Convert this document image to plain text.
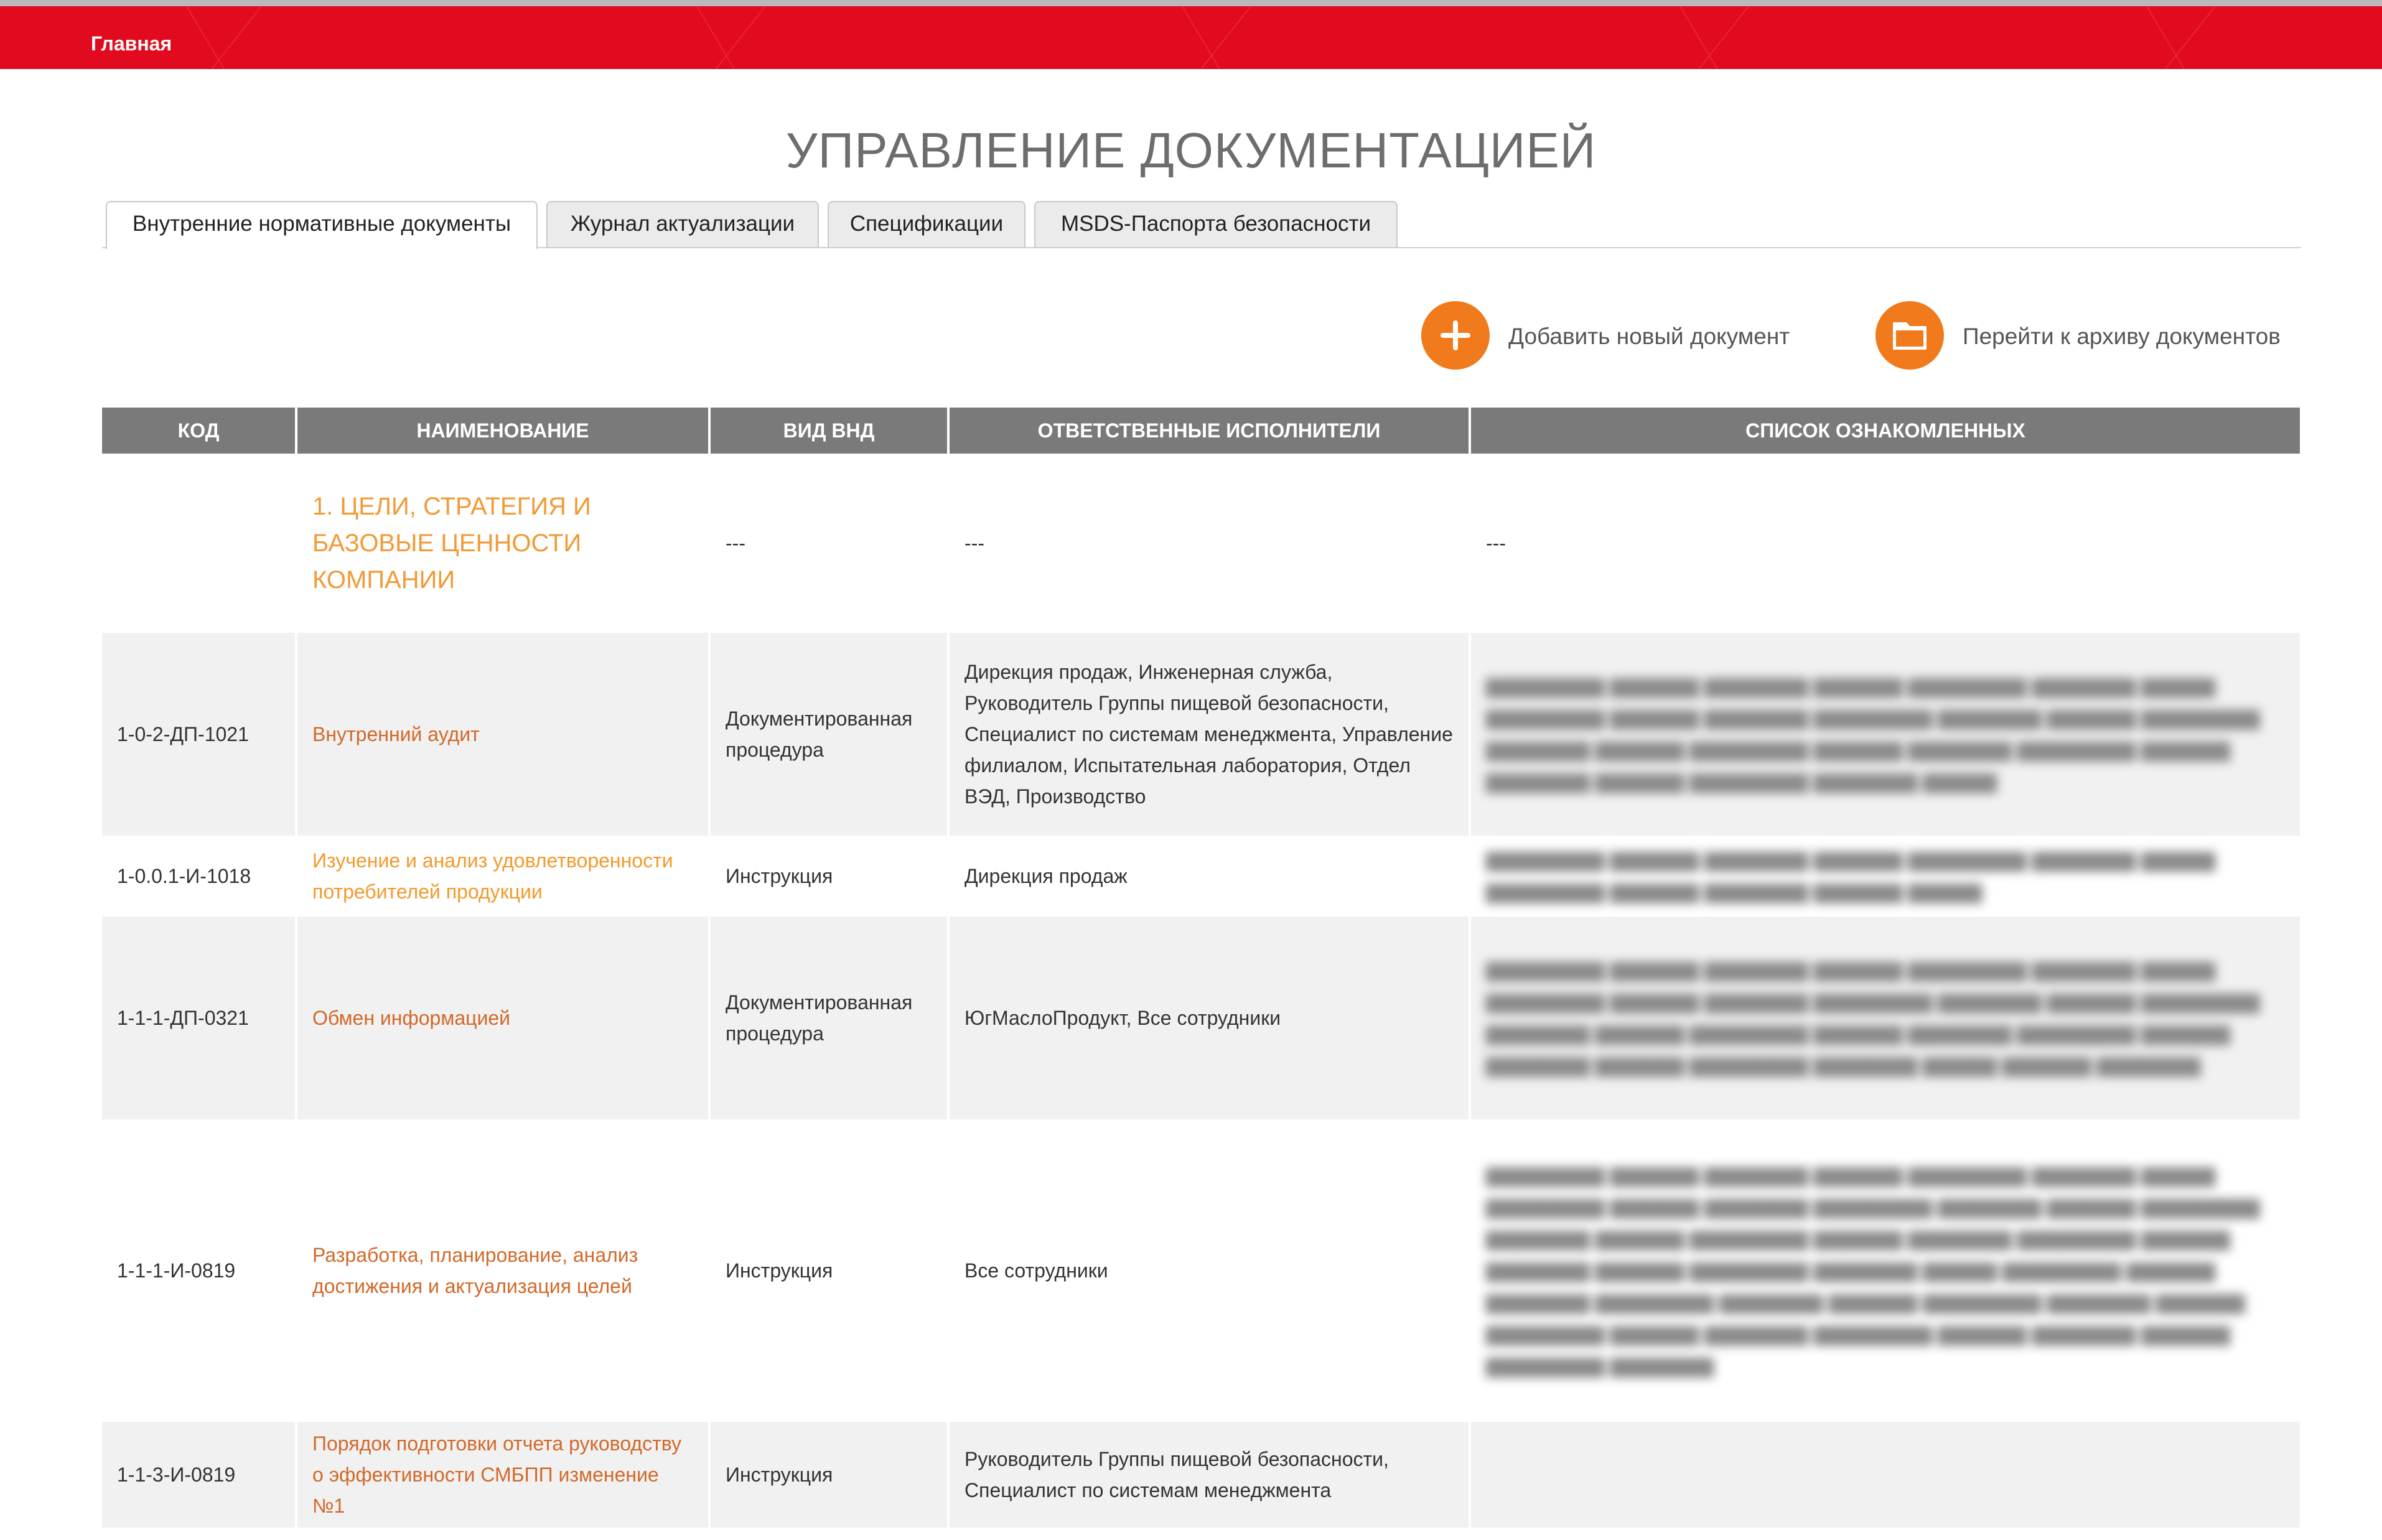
Главная
УПРАВЛЕНИЕ ДОКУМЕНТАЦИЕЙ
Внутренние нормативные документы	Журнал актуализации	Спецификации	MSDS-Паспорта безопасности
Добавить новый документ	Перейти к архиву документов
КОД	НАИМЕНОВАНИЕ	ВИД ВНД	ОТВЕТСТВЕННЫЕ ИСПОЛНИТЕЛИ	СПИСОК ОЗНАКОМЛЕННЫХ
	1. ЦЕЛИ, СТРАТЕГИЯ И БАЗОВЫЕ ЦЕННОСТИ КОМПАНИИ	---	---	---
1-0-2-ДП-1021	Внутренний аудит	Документированная процедура	Дирекция продаж, Инженерная служба, Руководитель Группы пищевой безопасности, Специалист по системам менеджмента, Управление филиалом, Испытательная лаборатория, Отдел ВЭД, Производство	▇▇▇▇▇▇▇▇ ▇▇▇▇▇▇ ▇▇▇▇▇▇▇ ▇▇▇▇▇▇ ▇▇▇▇▇▇▇▇ ▇▇▇▇▇▇▇ ▇▇▇▇▇ ▇▇▇▇▇▇▇▇ ▇▇▇▇▇▇ ▇▇▇▇▇▇▇ ▇▇▇▇▇▇▇▇ ▇▇▇▇▇▇▇ ▇▇▇▇▇▇ ▇▇▇▇▇▇▇▇ ▇▇▇▇▇▇▇ ▇▇▇▇▇▇ ▇▇▇▇▇▇▇▇ ▇▇▇▇▇▇ ▇▇▇▇▇▇▇ ▇▇▇▇▇▇▇▇ ▇▇▇▇▇▇ ▇▇▇▇▇▇▇ ▇▇▇▇▇▇ ▇▇▇▇▇▇▇▇ ▇▇▇▇▇▇▇ ▇▇▇▇▇

1-0.0.1-И-1018	Изучение и анализ удовлетворенности потребителей продукции	Инструкция	Дирекция продаж	▇▇▇▇▇▇▇▇ ▇▇▇▇▇▇ ▇▇▇▇▇▇▇ ▇▇▇▇▇▇ ▇▇▇▇▇▇▇▇ ▇▇▇▇▇▇▇ ▇▇▇▇▇ ▇▇▇▇▇▇▇▇ ▇▇▇▇▇▇ ▇▇▇▇▇▇▇ ▇▇▇▇▇▇ ▇▇▇▇▇

1-1-1-ДП-0321	Обмен информацией	Документированная процедура	ЮгМаслоПродукт, Все сотрудники	▇▇▇▇▇▇▇▇ ▇▇▇▇▇▇ ▇▇▇▇▇▇▇ ▇▇▇▇▇▇ ▇▇▇▇▇▇▇▇ ▇▇▇▇▇▇▇ ▇▇▇▇▇ ▇▇▇▇▇▇▇▇ ▇▇▇▇▇▇ ▇▇▇▇▇▇▇ ▇▇▇▇▇▇▇▇ ▇▇▇▇▇▇▇ ▇▇▇▇▇▇ ▇▇▇▇▇▇▇▇ ▇▇▇▇▇▇▇ ▇▇▇▇▇▇ ▇▇▇▇▇▇▇▇ ▇▇▇▇▇▇ ▇▇▇▇▇▇▇ ▇▇▇▇▇▇▇▇ ▇▇▇▇▇▇ ▇▇▇▇▇▇▇ ▇▇▇▇▇▇ ▇▇▇▇▇▇▇▇ ▇▇▇▇▇▇▇ ▇▇▇▇▇ ▇▇▇▇▇▇ ▇▇▇▇▇▇▇

1-1-1-И-0819	Разработка, планирование, анализ достижения и актуализация целей	Инструкция	Все сотрудники	▇▇▇▇▇▇▇▇ ▇▇▇▇▇▇ ▇▇▇▇▇▇▇ ▇▇▇▇▇▇ ▇▇▇▇▇▇▇▇ ▇▇▇▇▇▇▇ ▇▇▇▇▇ ▇▇▇▇▇▇▇▇ ▇▇▇▇▇▇ ▇▇▇▇▇▇▇ ▇▇▇▇▇▇▇▇ ▇▇▇▇▇▇▇ ▇▇▇▇▇▇ ▇▇▇▇▇▇▇▇ ▇▇▇▇▇▇▇ ▇▇▇▇▇▇ ▇▇▇▇▇▇▇▇ ▇▇▇▇▇▇ ▇▇▇▇▇▇▇ ▇▇▇▇▇▇▇▇ ▇▇▇▇▇▇ ▇▇▇▇▇▇▇ ▇▇▇▇▇▇ ▇▇▇▇▇▇▇▇ ▇▇▇▇▇▇▇ ▇▇▇▇▇ ▇▇▇▇▇▇▇▇ ▇▇▇▇▇▇ ▇▇▇▇▇▇▇ ▇▇▇▇▇▇▇▇ ▇▇▇▇▇▇▇ ▇▇▇▇▇▇ ▇▇▇▇▇▇▇▇ ▇▇▇▇▇▇▇ ▇▇▇▇▇▇ ▇▇▇▇▇▇▇▇ ▇▇▇▇▇▇ ▇▇▇▇▇▇▇ ▇▇▇▇▇▇▇▇ ▇▇▇▇▇▇ ▇▇▇▇▇▇▇ ▇▇▇▇▇▇ ▇▇▇▇▇▇▇▇ ▇▇▇▇▇▇▇

1-1-3-И-0819	Порядок подготовки отчета руководству о эффективности СМБПП изменение №1	Инструкция	Руководитель Группы пищевой безопасности, Специалист по системам менеджмента	
